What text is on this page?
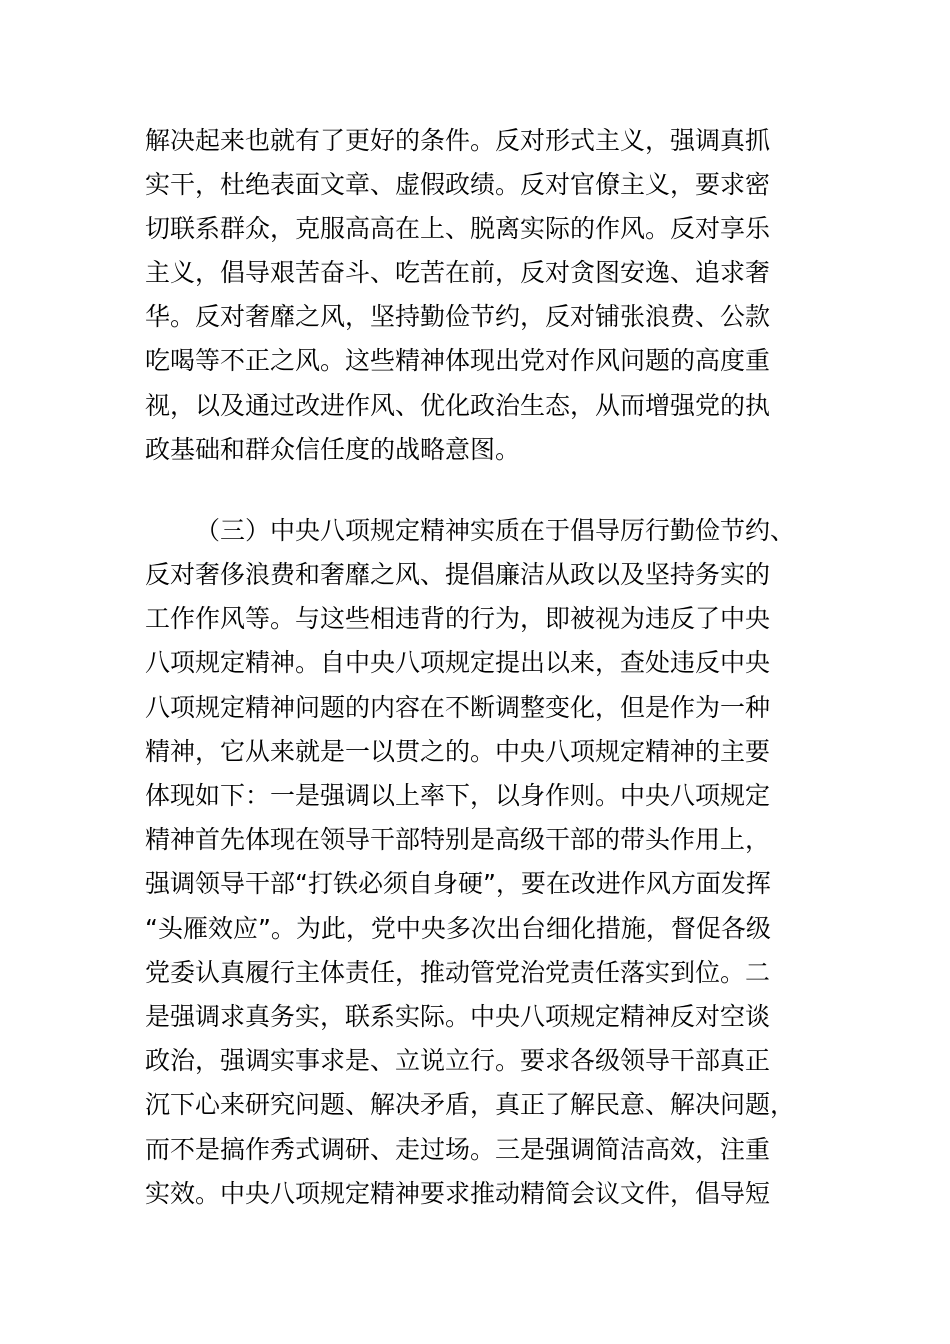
解决起来也就有了更好的条件。反对形式主义，强调真抓
实干，杜绝表面文章、虚假政绩。反对官僚主义，要求密
切联系群众，克服高高在上、脱离实际的作风。反对享乐
主义，倡导艰苦奋斗、吃苦在前，反对贪图安逸、追求奢
华。反对奢靡之风，坚持勤俭节约，反对铺张浪费、公款
吃喝等不正之风。这些精神体现出党对作风问题的高度重
视，以及通过改进作风、优化政治生态，从而增强党的执
政基础和群众信任度的战略意图。
（三）中央八项规定精神实质在于倡导厉行勤俭节约、
反对奢侈浪费和奢靡之风、提倡廉洁从政以及坚持务实的
工作作风等。与这些相违背的行为，即被视为违反了中央
八项规定精神。自中央八项规定提出以来，查处违反中央
八项规定精神问题的内容在不断调整变化，但是作为一种
精神，它从来就是一以贯之的。中央八项规定精神的主要
体现如下：一是强调以上率下，以身作则。中央八项规定
精神首先体现在领导干部特别是高级干部的带头作用上，
强调领导干部“打铁必须自身硬”，要在改进作风方面发挥
“头雁效应”。为此，党中央多次出台细化措施，督促各级
党委认真履行主体责任，推动管党治党责任落实到位。二
是强调求真务实，联系实际。中央八项规定精神反对空谈
政治，强调实事求是、立说立行。要求各级领导干部真正
沉下心来研究问题、解决矛盾，真正了解民意、解决问题，
而不是搞作秀式调研、走过场。三是强调简洁高效，注重
实效。中央八项规定精神要求推动精简会议文件，倡导短
